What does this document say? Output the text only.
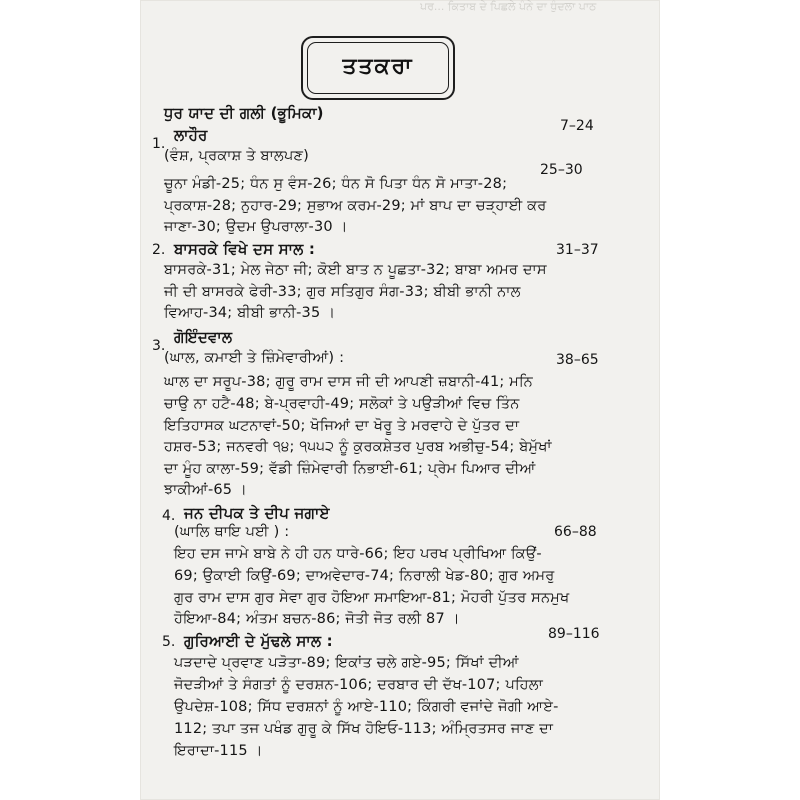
ਪਰ... ਕਿਤਾਬ ਦੇ ਪਿਛਲੇ ਪੰਨੇ ਦਾ ਧੁੰਦਲਾ ਪਾਠ
ਤਤਕਰਾ
ਧੁਰ ਯਾਦ ਦੀ ਗਲੀ (ਭੂਮਿਕਾ)
7–24
1. ਲਾਹੌਰ
(ਵੰਸ਼, ਪ੍ਰਕਾਸ਼ ਤੇ ਬਾਲਪਣ)
25–30
ਚੂਨਾ ਮੰਡੀ-25; ਧੰਨ ਸੁ ਵੰਸ-26; ਧੰਨ ਸੋ ਪਿਤਾ ਧੰਨ ਸੋ ਮਾਤਾ-28;
ਪ੍ਰਕਾਸ਼-28; ਨੁਹਾਰ-29; ਸੁਭਾਅ ਕਰਮ-29; ਮਾਂ ਬਾਪ ਦਾ ਚੜ੍ਹਾਈ ਕਰ
ਜਾਣਾ-30; ਉਦਮ ਉਪਰਾਲਾ-30 ।
2. ਬਾਸਰਕੇ ਵਿਖੇ ਦਸ ਸਾਲ :	31–37
ਬਾਸਰਕੇ-31; ਮੇਲ ਜੇਠਾ ਜੀ; ਕੋਈ ਬਾਤ ਨ ਪੂਛਤਾ-32; ਬਾਬਾ ਅਮਰ ਦਾਸ
ਜੀ ਦੀ ਬਾਸਰਕੇ ਫੇਰੀ-33; ਗੁਰ ਸਤਿਗੁਰ ਸੰਗ-33; ਬੀਬੀ ਭਾਨੀ ਨਾਲ
ਵਿਆਹ-34; ਬੀਬੀ ਭਾਨੀ-35 ।
3. ਗੋਇੰਦਵਾਲ
(ਘਾਲ, ਕਮਾਈ ਤੇ ਜ਼ਿੰਮੇਵਾਰੀਆਂ) :	38–65
ਘਾਲ ਦਾ ਸਰੂਪ-38; ਗੁਰੂ ਰਾਮ ਦਾਸ ਜੀ ਦੀ ਆਪਣੀ ਜ਼ਬਾਨੀ-41; ਮਨਿ
ਚਾਉ ਨਾ ਹਟੈ-48; ਬੇ-ਪ੍ਰਵਾਹੀ-49; ਸਲੋਕਾਂ ਤੇ ਪਉੜੀਆਂ ਵਿਚ ਤਿੰਨ
ਇਤਿਹਾਸਕ ਘਟਨਾਵਾਂ-50; ਖੋਜਿਆਂ ਦਾ ਖੋਰੂ ਤੇ ਮਰਵਾਹੇ ਦੇ ਪੁੱਤਰ ਦਾ
ਹਸ਼ਰ-53; ਜਨਵਰੀ ੧੪; ੧੫੫੨ ਨੂੰ ਕੁਰਕਸ਼ੇਤਰ ਪੁਰਬ ਅਭੀਚੁ-54; ਬੇਮੁੱਖਾਂ
ਦਾ ਮੂੰਹ ਕਾਲਾ-59; ਵੱਡੀ ਜ਼ਿੰਮੇਵਾਰੀ ਨਿਭਾਈ-61; ਪ੍ਰੇਮ ਪਿਆਰ ਦੀਆਂ
ਝਾਕੀਆਂ-65 ।
4. ਜਨ ਦੀਪਕ ਤੇ ਦੀਪ ਜਗਾਏ
(ਘਾਲਿ ਥਾਇ ਪਈ ) :	66–88
ਇਹ ਦਸ ਜਾਮੇ ਬਾਬੇ ਨੇ ਹੀ ਹਨ ਧਾਰੇ-66; ਇਹ ਪਰਖ ਪ੍ਰੀਖਿਆ ਕਿਉਂ-
69; ਉਕਾਈ ਕਿਉਂ-69; ਦਾਅਵੇਦਾਰ-74; ਨਿਰਾਲੀ ਖੇਡ-80; ਗੁਰ ਅਮਰੁ
ਗੁਰ ਰਾਮ ਦਾਸ ਗੁਰ ਸੇਵਾ ਗੁਰ ਹੋਇਆ ਸਮਾਇਆ-81; ਮੋਹਰੀ ਪੁੱਤਰ ਸਨਮੁਖ
ਹੋਇਆ-84; ਅੰਤਮ ਬਚਨ-86; ਜੋਤੀ ਜੋਤ ਰਲੀ 87 ।
5. ਗੁਰਿਆਈ ਦੇ ਮੁੱਢਲੇ ਸਾਲ :	89–116
ਪੜਦਾਦੇ ਪ੍ਰਵਾਣ ਪੜੋਤਾ-89; ਇਕਾਂਤ ਚਲੇ ਗਏ-95; ਸਿੱਖਾਂ ਦੀਆਂ
ਜੋਦੜੀਆਂ ਤੇ ਸੰਗਤਾਂ ਨੂੰ ਦਰਸ਼ਨ-106; ਦਰਬਾਰ ਦੀ ਦੱਖ-107; ਪਹਿਲਾ
ਉਪਦੇਸ਼-108; ਸਿੱਧ ਦਰਸ਼ਨਾਂ ਨੂੰ ਆਏ-110; ਕਿੰਗਰੀ ਵਜਾਂਦੇ ਜੋਗੀ ਆਏ-
112; ਤਪਾ ਤਜ ਪਖੰਡ ਗੁਰੂ ਕੇ ਸਿੱਖ ਹੋਇਓ-113; ਅੰਮ੍ਰਿਤਸਰ ਜਾਣ ਦਾ
ਇਰਾਦਾ-115 ।
